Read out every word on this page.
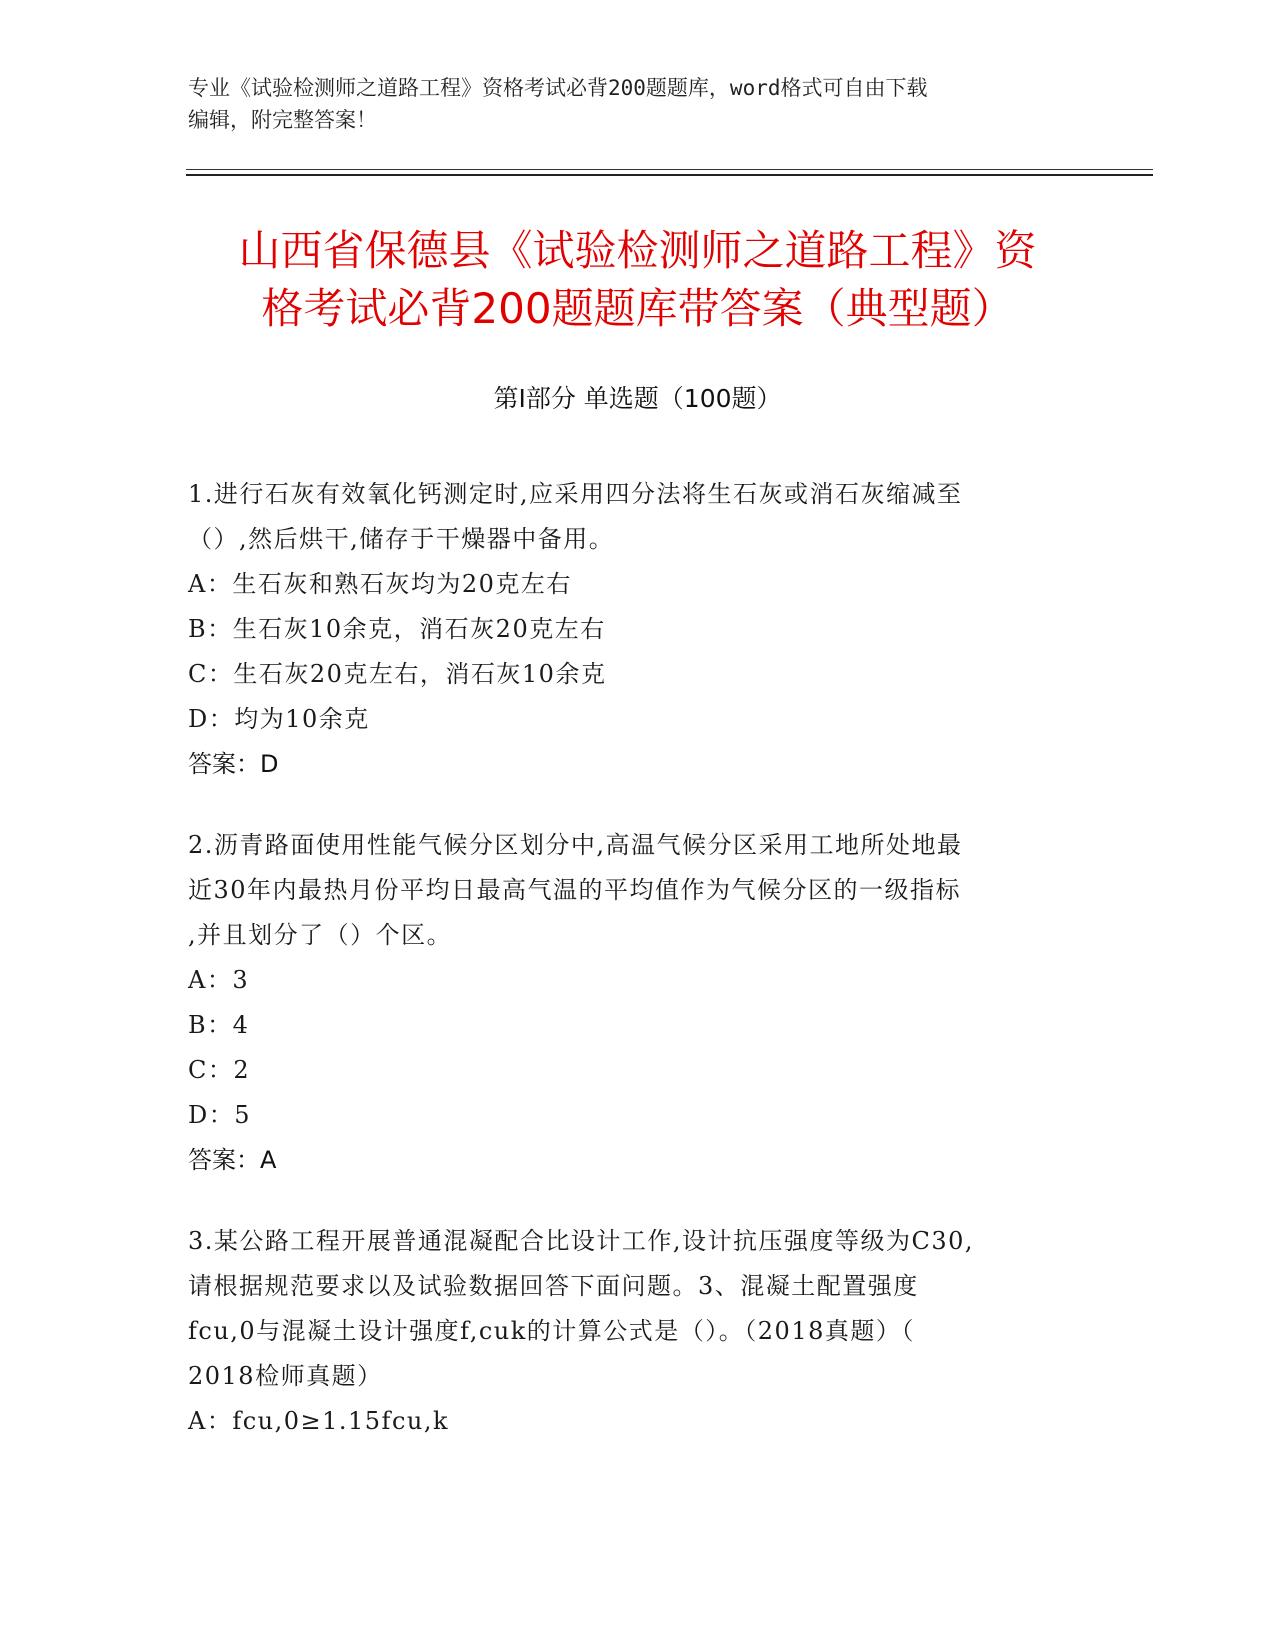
专业《试验检测师之道路工程》资格考试必背200题题库，word格式可自由下载
编辑，附完整答案！
山西省保德县《试验检测师之道路工程》资
格考试必背200题题库带答案（典型题）
第Ⅰ部分 单选题（100题）

1.进行石灰有效氧化钙测定时,应采用四分法将生石灰或消石灰缩减至

（）,然后烘干,储存于干燥器中备用。

A：生石灰和熟石灰均为20克左右

B：生石灰10余克，消石灰20克左右

C：生石灰20克左右，消石灰10余克

D：均为10余克

答案：D

2.沥青路面使用性能气候分区划分中,高温气候分区采用工地所处地最

近30年内最热月份平均日最高气温的平均值作为气候分区的一级指标

,并且划分了（）个区。

A：3

B：4

C：2

D：5

答案：A

3.某公路工程开展普通混凝配合比设计工作,设计抗压强度等级为C30,

请根据规范要求以及试验数据回答下面问题。3、混凝土配置强度

fcu,0与混凝土设计强度f,cuk的计算公式是（）。（2018真题）（

2018检师真题）

A：fcu,0≥1.15fcu,k
